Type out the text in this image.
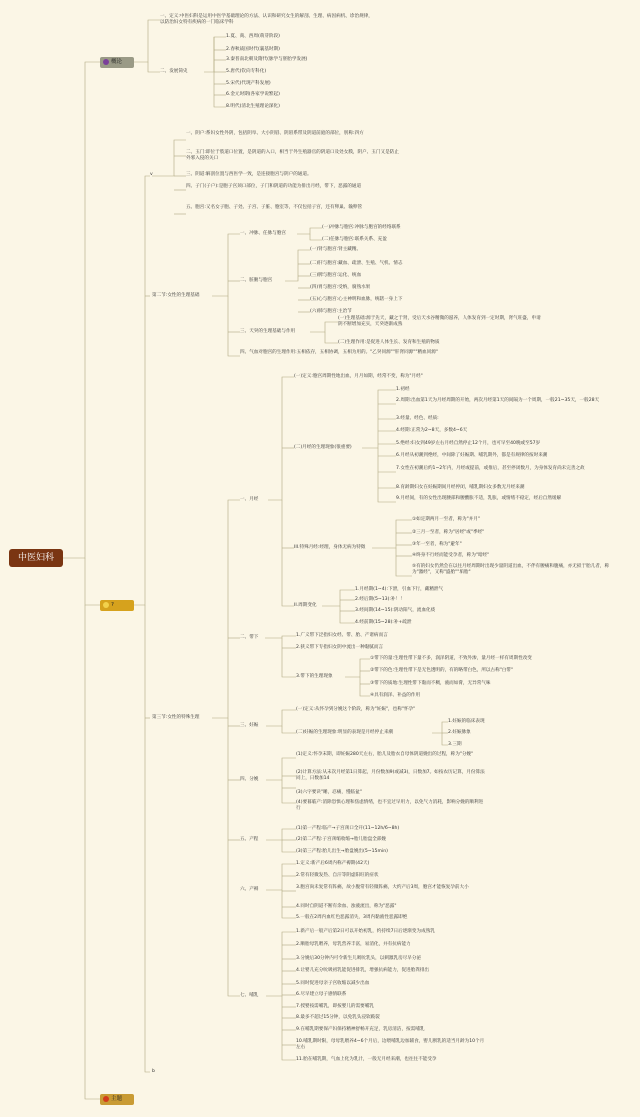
中医妇科
概论
?
主题
一、定义:中医妇科是运用中医学基础理论的方法、认识和研究女生的解剖、生理、病因病机、诊治规律，以防治妇女特有疾病的一门临床学科
二、发展简史
1.夏、商、西周(萌芽阶段)
2.春秋战国时代(襄基时期)
3.秦普南北朝及隋代(脉学与胚胎学发展)
5.唐代(钦向专科化)
5.宋代(代现产科发展)
6.金元时期(各家学说繁起)
8.明代(清北生殖理论深化)
v
一、阴户:系妇女性外阴，包括阴阜、大小阴唇、阴唇系带及阴道前庭的部位，别称:四方
二、玉门:即位于肢道口位置，是阴道的入口，相当于外生殖器官的阴道口及处女膜，阴户、玉门又是防止外邪入侵的关口
三、阴道:解剖位置与西医学一致，是连接胞宫与阴户的通道。
四、子门(子户):是胞子宫颈口部位，子门和阴道的功能为排出月经，带下，恶露的通道
五、胞宫:又名女子胞、子处、子宫、子脏、胞室等，不仅包括子宫，还有卵巢、输卵管
第二节:女性的生理基础
一、冲脉、任脉与胞宫
(一)冲脉与胞宫:冲脉与胞宫的经络联系
(二)任脉与胞宫:联系关系、充盈
二、脏腑与胞宫
(一)肾与胞宫:肾主藏精。
(二)肝与胞宫:藏血、疏泄、生殖、气机、情志
(三)脾与胞宫:运化、统血
(四)胃与胞宫:受纳，腐熟水果
(五)心与胞宫:心主神明和血脉，统辖一身上下
(六)肺与胞宫:主治节
三、天癸的生理基础与作用
(一)生理基础:源于先天，藏之于肾，受后天水谷精微的滋养，人体发育到一定时期，肾气旺盛，申请阴不断增加充实，天癸逐渐成熟
(二)生理作用:是促进人体生长、发育和生殖的物质
四、气血对胞宫的生理作用:五相依存，五相协调，五相为用的。"乙癸同源""肝肾同源""精血同源"
第三节:女性的特殊生理
一、月经
(一)定义:胞宫周期性地出血，月月如期，经常不变，称为"月经"
(二)月经的生理现象(很重要)
1.初经
2.周期:出血第1天为月经周期的开始，两次月经第1天的间隔为一个周期，一般21~35天，一般28天
3.经量、经色、经质:
4.经期:正常为2~8天，多数4~6天
5.绝经:妇女到49岁左右月经自然停止12个月，也可早至40晚或至57岁
6.月经从初潮到绝经，中间除了妊娠期、哺乳期外，都是有规律的按时来潮
7.女性在初潮后约1~2年内，月经或提前，或推后，甚至停闭数月，为身体发育尚未完善之故
8.育龄期妇女在妊娠期间月经停闭，哺乳期妇女多数无月经来潮
9.月经间，有的女性出现腰部和腰酸胀不适，乳胀，或情绪不稳定，经后自然缓解
III.特殊月经:经理，身体无病为特徵
①如定期两月一至者，称为"并月"
②三月一至者，称为"居经"或"季经"
③年一至者，称为"避年"
④终身不行经而能受孕者，称为"暗经"
⑤有的妇女仍然会在以往月经周期时出现少量阴道出血，不伴有腰痛和腹痛，亦无损于胎儿者，称为"激经"，又称"盛胎""垢胎"
II.周期变化
1.月经期(1~4):下泄，引血下行，藏精泄气
2.经后期(5~13):补！！
3.经间期(14~15):阴动阳气，流血化痰
4.经前期(15~28):补+疏泄
二、带下	1.广义带下泛指妇女经、带、胎、产诸病而言
2.狭义带下专指妇女阴中流出一种黏腻而言
3.带下的生理现象
①带下的量:生理性带下量不多，润泽阴道，不致外渗，量月经一样有周期性改变
②带下的色:生理性带下是无色透明的，有的略带白色，所以古称"白带"
③带下的质地:生理性带下黏而不稠，液而如膏，无异常气味
④具有润泽、补益的作用
三、妊娠
(一)定义:从怀孕到分娩这个阶段，称为"妊娠"，也称"怀孕"
(二)妊娠的生理现象:明显的表现是月经停止来潮
1.妊娠的临床表现
2.妊娠脉象
3.三期
四、分娩
(1)定义:怀孕末期，即妊娠280天左右，胎儿及胎衣自母体阴道娩出的过程，称为"分娩"
(2)计算方法:从末次月经第1日算起，月份数加9(或减3)，日数加7。如按农历记算，月份算法同上，日数加14
(3)六字要诀"睡，忍痛，慢临盆"
(4)要暮临产:消除恐惧心理和焦虑情绪，也不宜过早用力，以免气力消耗，影响分娩的顺利进行
五、产程
(1)第一产程:临产→子宫颈口全开(11~12h/6~8h)
(2)第二产程:子宫颈缩收缩→胎儿胎盘全部娩
(3)第三产程:胎儿出生→胎盘娩出(5~15min)
六、产褥
1.定义:新产后6周内称产褥期(42天)
2.常有轻微发热、自汗等阴虚阳旺的症状
3.胞宫尚未复常有阵痛，故小腹常有轻微阵痛，大约产后3周，胞宫才能恢复孕前大小
4.同时自阴道不断有余血、浊液流出，称为"恶露"
5.一般在2周内血红色恶露消失，3周内黏液性恶露即绝
七、哺乳
1.新产后一般产后第2日可以开始初乳，约持续7日后逐渐变为成熟乳
2.顺胎母乳喂养，母乳营养丰富，易消化，并有抗病能力
3.分娩后30分钟内可令新生儿吸吮乳头，以刺激乳房尽早分泌
4.让婴儿充分吮吸初乳能促进排乳，增强抗病能力，促进胎粪排出
5.同时促进母亲子宫收缩以减少出血
6.尽早建立母子感情联系
7.授婴按需哺乳，即按婴儿的需要哺乳
8.最多不超过15分钟，以免乳头浸软皲裂
9.在哺乳期要保产妇保持精神舒畅开充足，乳房清洁，按需哺乳
10.哺乳期时限，母母乳喂养4~6个月后，边喂哺乳边加辅食，婴儿断乳的适当月龄为10个月左右
11.胎在哺乳期，气血上化为乳汁，一般无月经来潮，也往往不能受孕
b
